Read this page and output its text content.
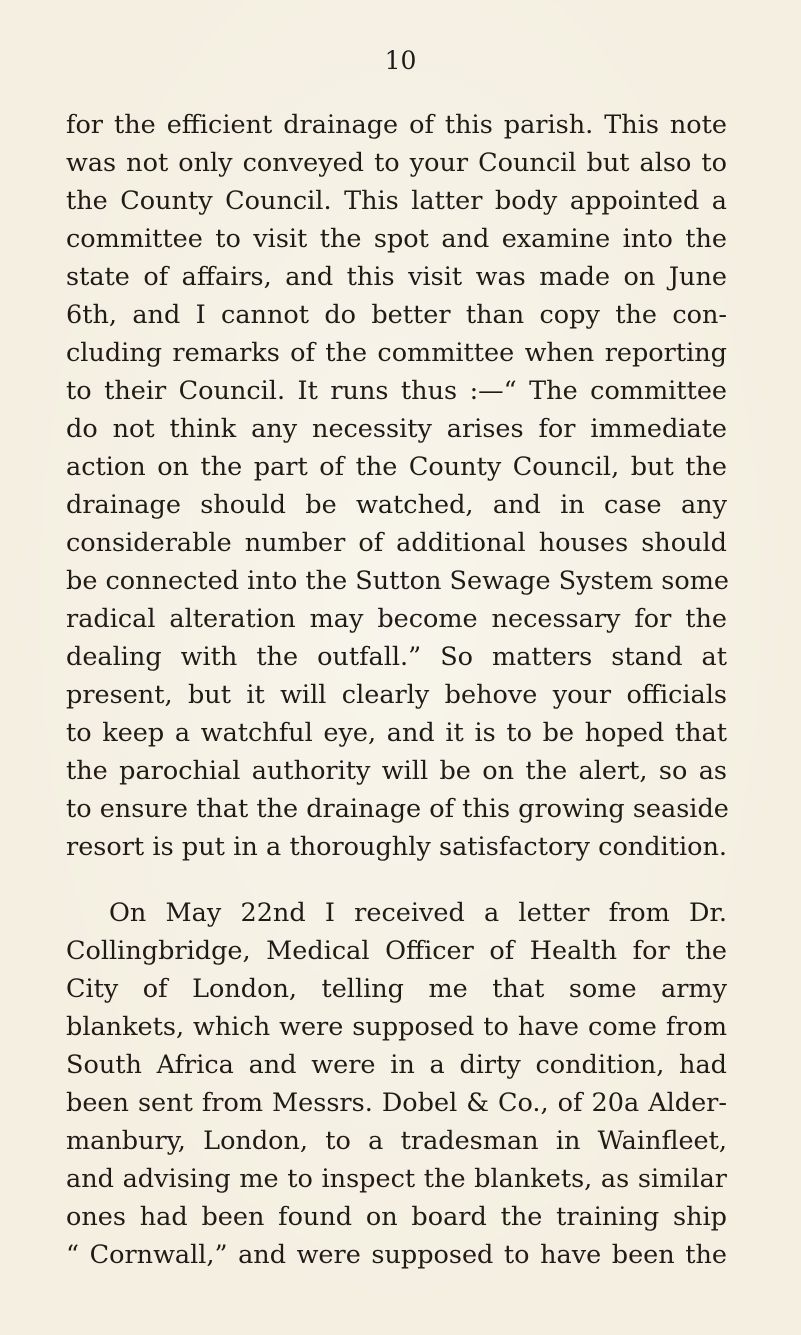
10
for the efficient drainage of this parish. This note
was not only conveyed to your Council but also to
the County Council. This latter body appointed a
committee to visit the spot and examine into the
state of affairs, and this visit was made on June
6th, and I cannot do better than copy the con-
cluding remarks of the committee when reporting
to their Council. It runs thus :—“ The committee
do not think any necessity arises for immediate
action on the part of the County Council, but the
drainage should be watched, and in case any
considerable number of additional houses should
be connected into the Sutton Sewage System some
radical alteration may become necessary for the
dealing with the outfall.” So matters stand at
present, but it will clearly behove your officials
to keep a watchful eye, and it is to be hoped that
the parochial authority will be on the alert, so as
to ensure that the drainage of this growing seaside
resort is put in a thoroughly satisfactory condition.
On May 22nd I received a letter from Dr.
Collingbridge, Medical Officer of Health for the
City of London, telling me that some army
blankets, which were supposed to have come from
South Africa and were in a dirty condition, had
been sent from Messrs. Dobel & Co., of 20a Alder-
manbury, London, to a tradesman in Wainfleet,
and advising me to inspect the blankets, as similar
ones had been found on board the training ship
“ Cornwall,” and were supposed to have been the
